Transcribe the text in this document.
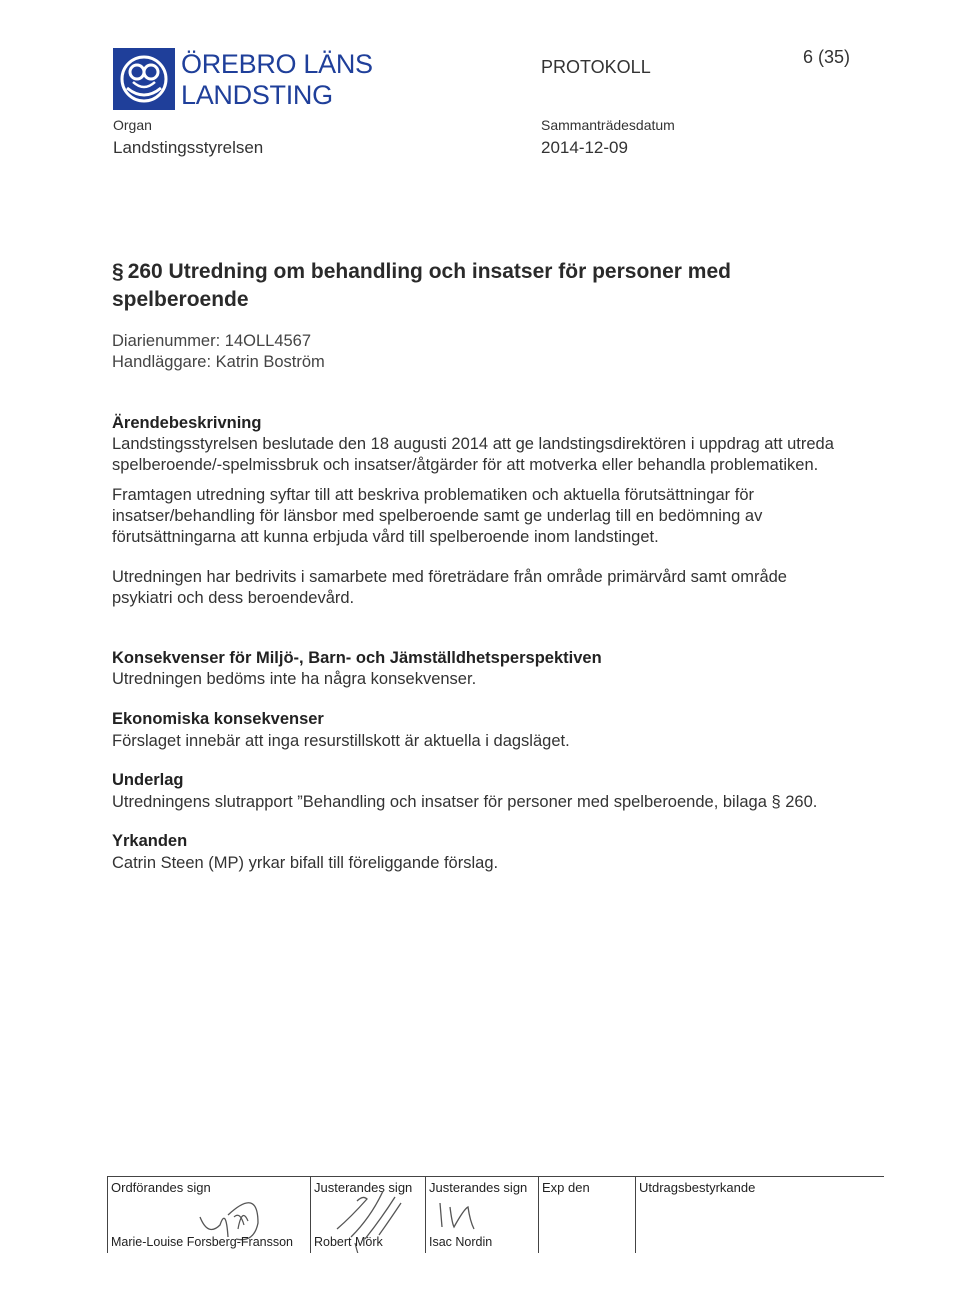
ÖREBRO LÄNS
LANDSTING
PROTOKOLL	6 (35)
Organ
Landstingsstyrelsen
Sammanträdesdatum
2014-12-09
§ 260 Utredning om behandling och insatser för personer med spelberoende
Diarienummer: 14OLL4567
Handläggare: Katrin Boström
Ärendebeskrivning
Landstingsstyrelsen beslutade den 18 augusti 2014 att ge landstingsdirektören i uppdrag att utreda spelberoende/-spelmissbruk och insatser/åtgärder för att motverka eller behandla problematiken.
Framtagen utredning syftar till att beskriva problematiken och aktuella förutsättningar för insatser/behandling för länsbor med spelberoende samt ge underlag till en bedömning av förutsättningarna att kunna erbjuda vård till spelberoende inom landstinget.
Utredningen har bedrivits i samarbete med företrädare från område primärvård samt område psykiatri och dess beroendevård.
Konsekvenser för Miljö-, Barn- och Jämställdhetsperspektiven
Utredningen bedöms inte ha några konsekvenser.
Ekonomiska konsekvenser
Förslaget innebär att inga resurstillskott är aktuella i dagsläget.
Underlag
Utredningens slutrapport ”Behandling och insatser för personer med spelberoende, bilaga § 260.
Yrkanden
Catrin Steen (MP) yrkar bifall till föreliggande förslag.
Ordförandes sign
Marie-Louise Forsberg-Fransson

Justerandes sign
Robert Mörk

Justerandes sign
Isac Nordin

Exp den	Utdragsbestyrkande
